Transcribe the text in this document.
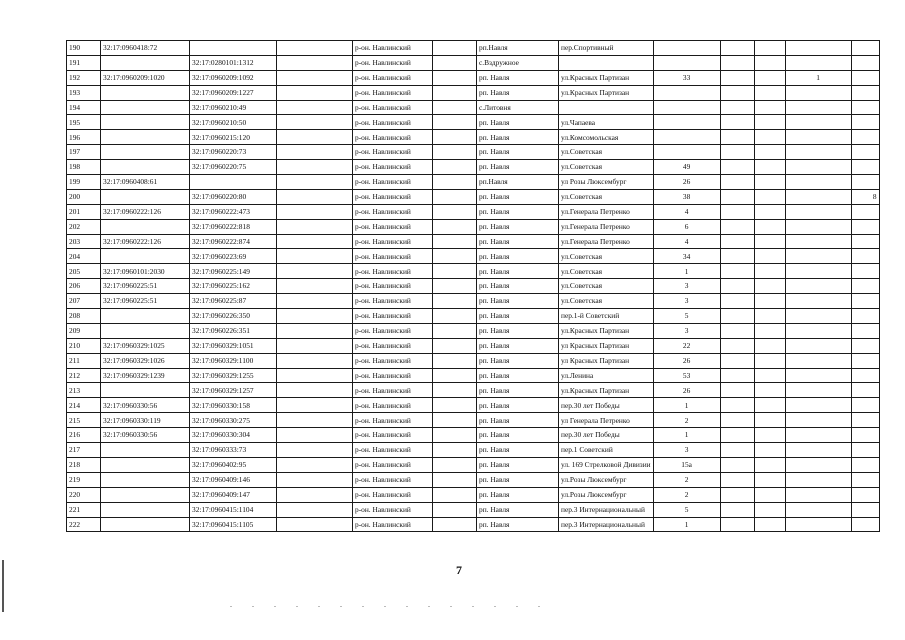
190	32:17:0960418:72			р-он. Навлинский		рп.Навля	пер.Спортивный					
191		32:17:0280101:1312		р-он. Навлинский		с.Вздружное						
192	32:17:0960209:1020	32:17:0960209:1092		р-он. Навлинский		рп. Навля	ул.Красных Партизан	33			1	
193		32:17:0960209:1227		р-он. Навлинский		рп. Навля	ул.Красных Партизан					
194		32:17:0960210:49		р-он. Навлинский		с.Литовня						
195		32:17:0960210:50		р-он. Навлинский		рп. Навля	ул.Чапаева					
196		32:17:0960215:120		р-он. Навлинский		рп. Навля	ул.Комсомольская					
197		32:17:0960220:73		р-он. Навлинский		рп. Навля	ул.Советская					
198		32:17:0960220:75		р-он. Навлинский		рп. Навля	ул.Советская	49				
199	32:17:0960408:61			р-он. Навлинский		рп.Навля	ул Розы Люксембург	26				
200		32:17:0960220:80		р-он. Навлинский		рп. Навля	ул.Советская	38				8
201	32:17:0960222:126	32:17:0960222:473		р-он. Навлинский		рп. Навля	ул.Генерала Петренко	4				
202		32:17:0960222:818		р-он. Навлинский		рп. Навля	ул.Генерала Петренко	6				
203	32:17:0960222:126	32:17:0960222:874		р-он. Навлинский		рп. Навля	ул.Генерала Петренко	4				
204		32:17:0960223:69		р-он. Навлинский		рп. Навля	ул.Советская	34				
205	32:17:0960101:2030	32:17:0960225:149		р-он. Навлинский		рп. Навля	ул.Советская	1				
206	32:17:0960225:51	32:17:0960225:162		р-он. Навлинский		рп. Навля	ул.Советская	3				
207	32:17:0960225:51	32:17:0960225:87		р-он. Навлинский		рп. Навля	ул.Советская	3				
208		32:17:0960226:350		р-он. Навлинский		рп. Навля	пер.1-й Советский	5				
209		32:17:0960226:351		р-он. Навлинский		рп. Навля	ул.Красных Партизан	3				
210	32:17:0960329:1025	32:17:0960329:1051		р-он. Навлинский		рп. Навля	ул Красных Партизан	22				
211	32:17:0960329:1026	32:17:0960329:1100		р-он. Навлинский		рп. Навля	ул Красных Партизан	26				
212	32:17:0960329:1239	32:17:0960329:1255		р-он. Навлинский		рп. Навля	ул.Ленина	53				
213		32:17:0960329:1257		р-он. Навлинский		рп. Навля	ул.Красных Партизан	26				
214	32:17:0960330:56	32:17:0960330:158		р-он. Навлинский		рп. Навля	пер.30 лет Победы	1				
215	32:17:0960330:119	32:17:0960330:275		р-он. Навлинский		рп. Навля	ул Генерала Петренко	2				
216	32:17:0960330:56	32:17:0960330:304		р-он. Навлинский		рп. Навля	пер.30 лет Победы	1				
217		32:17:0960333:73		р-он. Навлинский		рп. Навля	пер.1 Советский	3				
218		32:17:0960402:95		р-он. Навлинский		рп. Навля	ул. 169 Стрелковой Дивизии	15а				
219		32:17:0960409:146		р-он. Навлинский		рп. Навля	ул.Розы Люксембург	2				
220		32:17:0960409:147		р-он. Навлинский		рп. Навля	ул.Розы Люксембург	2				
221		32:17:0960415:1104		р-он. Навлинский		рп. Навля	пер.3 Интернациональный	5				
222		32:17:0960415:1105		р-он. Навлинский		рп. Навля	пер.3 Интернациональный	1				
7
